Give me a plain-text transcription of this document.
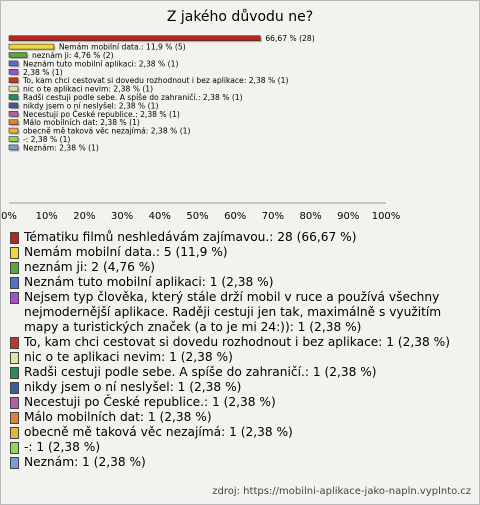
Z jakého důvodu ne?
66,67 % (28)
Nemám mobilní data.: 11,9 % (5)
neznám ji: 4,76 % (2)
Neznám tuto mobilní aplikaci: 2,38 % (1)
2,38 % (1)
To, kam chci cestovat si dovedu rozhodnout i bez aplikace: 2,38 % (1)
nic o te aplikaci nevim: 2,38 % (1)
Radši cestuji podle sebe. A spíše do zahraničí.: 2,38 % (1)
nikdy jsem o ní neslyšel: 2,38 % (1)
Necestuji po České republice.: 2,38 % (1)
Málo mobilních dat: 2,38 % (1)
obecně mě taková věc nezajímá: 2,38 % (1)
-: 2,38 % (1)
Neznám: 2,38 % (1)
0% 10% 20% 30% 40% 50% 60% 70% 80% 90% 100%
Tématiku filmů neshledávám zajímavou.: 28 (66,67 %)
Nemám mobilní data.: 5 (11,9 %)
neznám ji: 2 (4,76 %)
Neznám tuto mobilní aplikaci: 1 (2,38 %)
Nejsem typ člověka, který stále drží mobil v ruce a používá všechny nejmodernější aplikace. Raději cestuji jen tak, maximálně s využitím mapy a turistických značek (a to je mi 24:)): 1 (2,38 %)
To, kam chci cestovat si dovedu rozhodnout i bez aplikace: 1 (2,38 %)
nic o te aplikaci nevim: 1 (2,38 %)
Radši cestuji podle sebe. A spíše do zahraničí.: 1 (2,38 %)
nikdy jsem o ní neslyšel: 1 (2,38 %)
Necestuji po České republice.: 1 (2,38 %)
Málo mobilních dat: 1 (2,38 %)
obecně mě taková věc nezajímá: 1 (2,38 %)
-: 1 (2,38 %)
Neznám: 1 (2,38 %)
zdroj: https://mobilni-aplikace-jako-napln.vyplnto.cz
